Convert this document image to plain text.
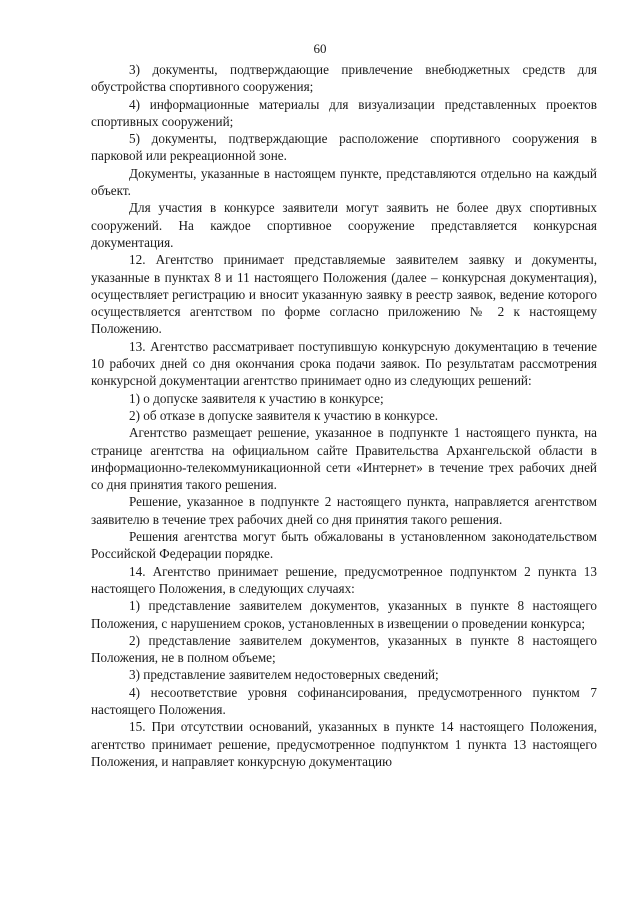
60

3) документы, подтверждающие привлечение внебюджетных средств для обустройства спортивного сооружения;

4) информационные материалы для визуализации представленных проектов спортивных сооружений;

5) документы, подтверждающие расположение спортивного сооружения в парковой или рекреационной зоне.

Документы, указанные в настоящем пункте, представляются отдельно на каждый объект.

Для участия в конкурсе заявители могут заявить не более двух спортивных сооружений. На каждое спортивное сооружение представляется конкурсная документация.

12. Агентство принимает представляемые заявителем заявку и документы, указанные в пунктах 8 и 11 настоящего Положения (далее – конкурсная документация), осуществляет регистрацию и вносит указанную заявку в реестр заявок, ведение которого осуществляется агентством по форме согласно приложению № 2 к настоящему Положению.

13. Агентство рассматривает поступившую конкурсную документацию в течение 10 рабочих дней со дня окончания срока подачи заявок. По результатам рассмотрения конкурсной документации агентство принимает одно из следующих решений:

1) о допуске заявителя к участию в конкурсе;

2) об отказе в допуске заявителя к участию в конкурсе.

Агентство размещает решение, указанное в подпункте 1 настоящего пункта, на странице агентства на официальном сайте Правительства Архангельской области в информационно-телекоммуникационной сети «Интернет» в течение трех рабочих дней со дня принятия такого решения.

Решение, указанное в подпункте 2 настоящего пункта, направляется агентством заявителю в течение трех рабочих дней со дня принятия такого решения.

Решения агентства могут быть обжалованы в установленном законодательством Российской Федерации порядке.

14. Агентство принимает решение, предусмотренное подпунктом 2 пункта 13 настоящего Положения, в следующих случаях:

1) представление заявителем документов, указанных в пункте 8 настоящего Положения, с нарушением сроков, установленных в извещении о проведении конкурса;

2) представление заявителем документов, указанных в пункте 8 настоящего Положения, не в полном объеме;

3) представление заявителем недостоверных сведений;

4) несоответствие уровня софинансирования, предусмотренного пунктом 7 настоящего Положения.

15. При отсутствии оснований, указанных в пункте 14 настоящего Положения, агентство принимает решение, предусмотренное подпунктом 1 пункта 13 настоящего Положения, и направляет конкурсную документацию
